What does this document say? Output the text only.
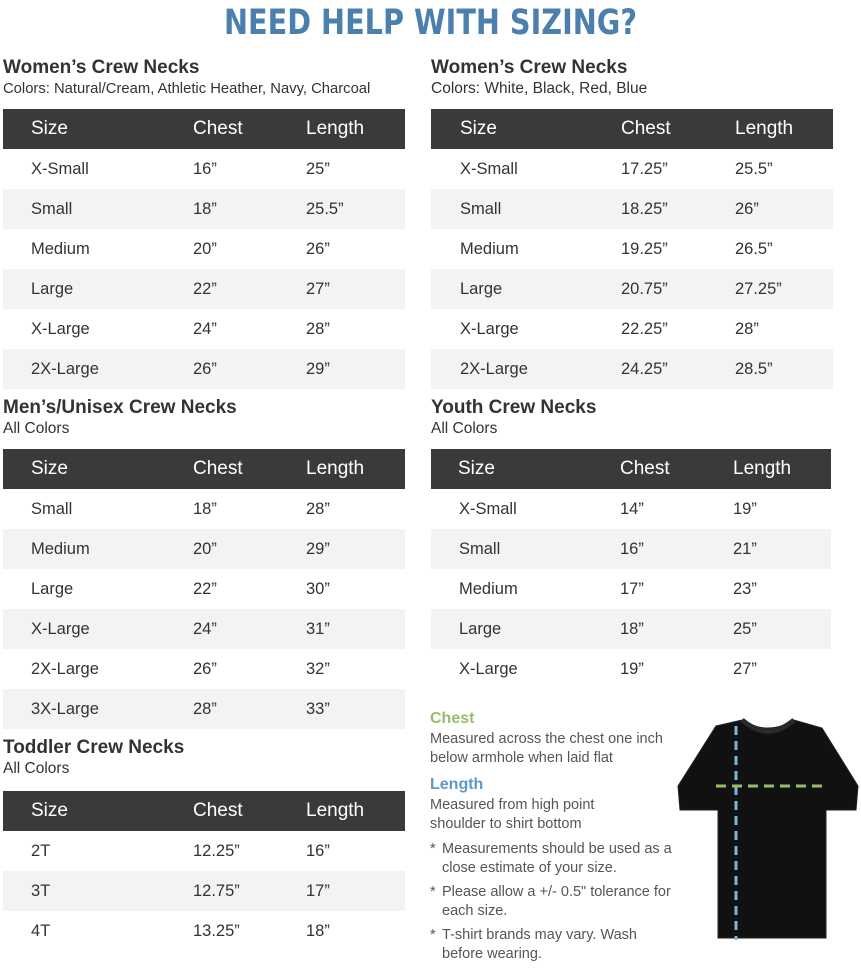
NEED HELP WITH SIZING?
Women’s Crew Necks
Colors: Natural/Cream, Athletic Heather, Navy, Charcoal
Size	Chest	Length
X-Small	16”	25”
Small	18”	25.5”
Medium	20”	26”
Large	22”	27”
X-Large	24”	28”
2X-Large	26”	29”
Women’s Crew Necks
Colors: White, Black, Red, Blue
Size	Chest	Length
X-Small	17.25”	25.5”
Small	18.25”	26”
Medium	19.25”	26.5”
Large	20.75”	27.25”
X-Large	22.25”	28”
2X-Large	24.25”	28.5”
Men’s/Unisex Crew Necks
All Colors
Size	Chest	Length
Small	18”	28”
Medium	20”	29”
Large	22”	30”
X-Large	24”	31”
2X-Large	26”	32”
3X-Large	28”	33”
Youth Crew Necks
All Colors
Size	Chest	Length
X-Small	14”	19”
Small	16”	21”
Medium	17”	23”
Large	18”	25”
X-Large	19”	27”
Toddler Crew Necks
All Colors
Size	Chest	Length
2T	12.25”	16”
3T	12.75”	17”
4T	13.25”	18”
Chest
Measured across the chest one inch below armhole when laid flat
Length
Measured from high point shoulder to shirt bottom
* Measurements should be used as a close estimate of your size.
* Please allow a +/- 0.5" tolerance for each size.
* T-shirt brands may vary. Wash before wearing.
